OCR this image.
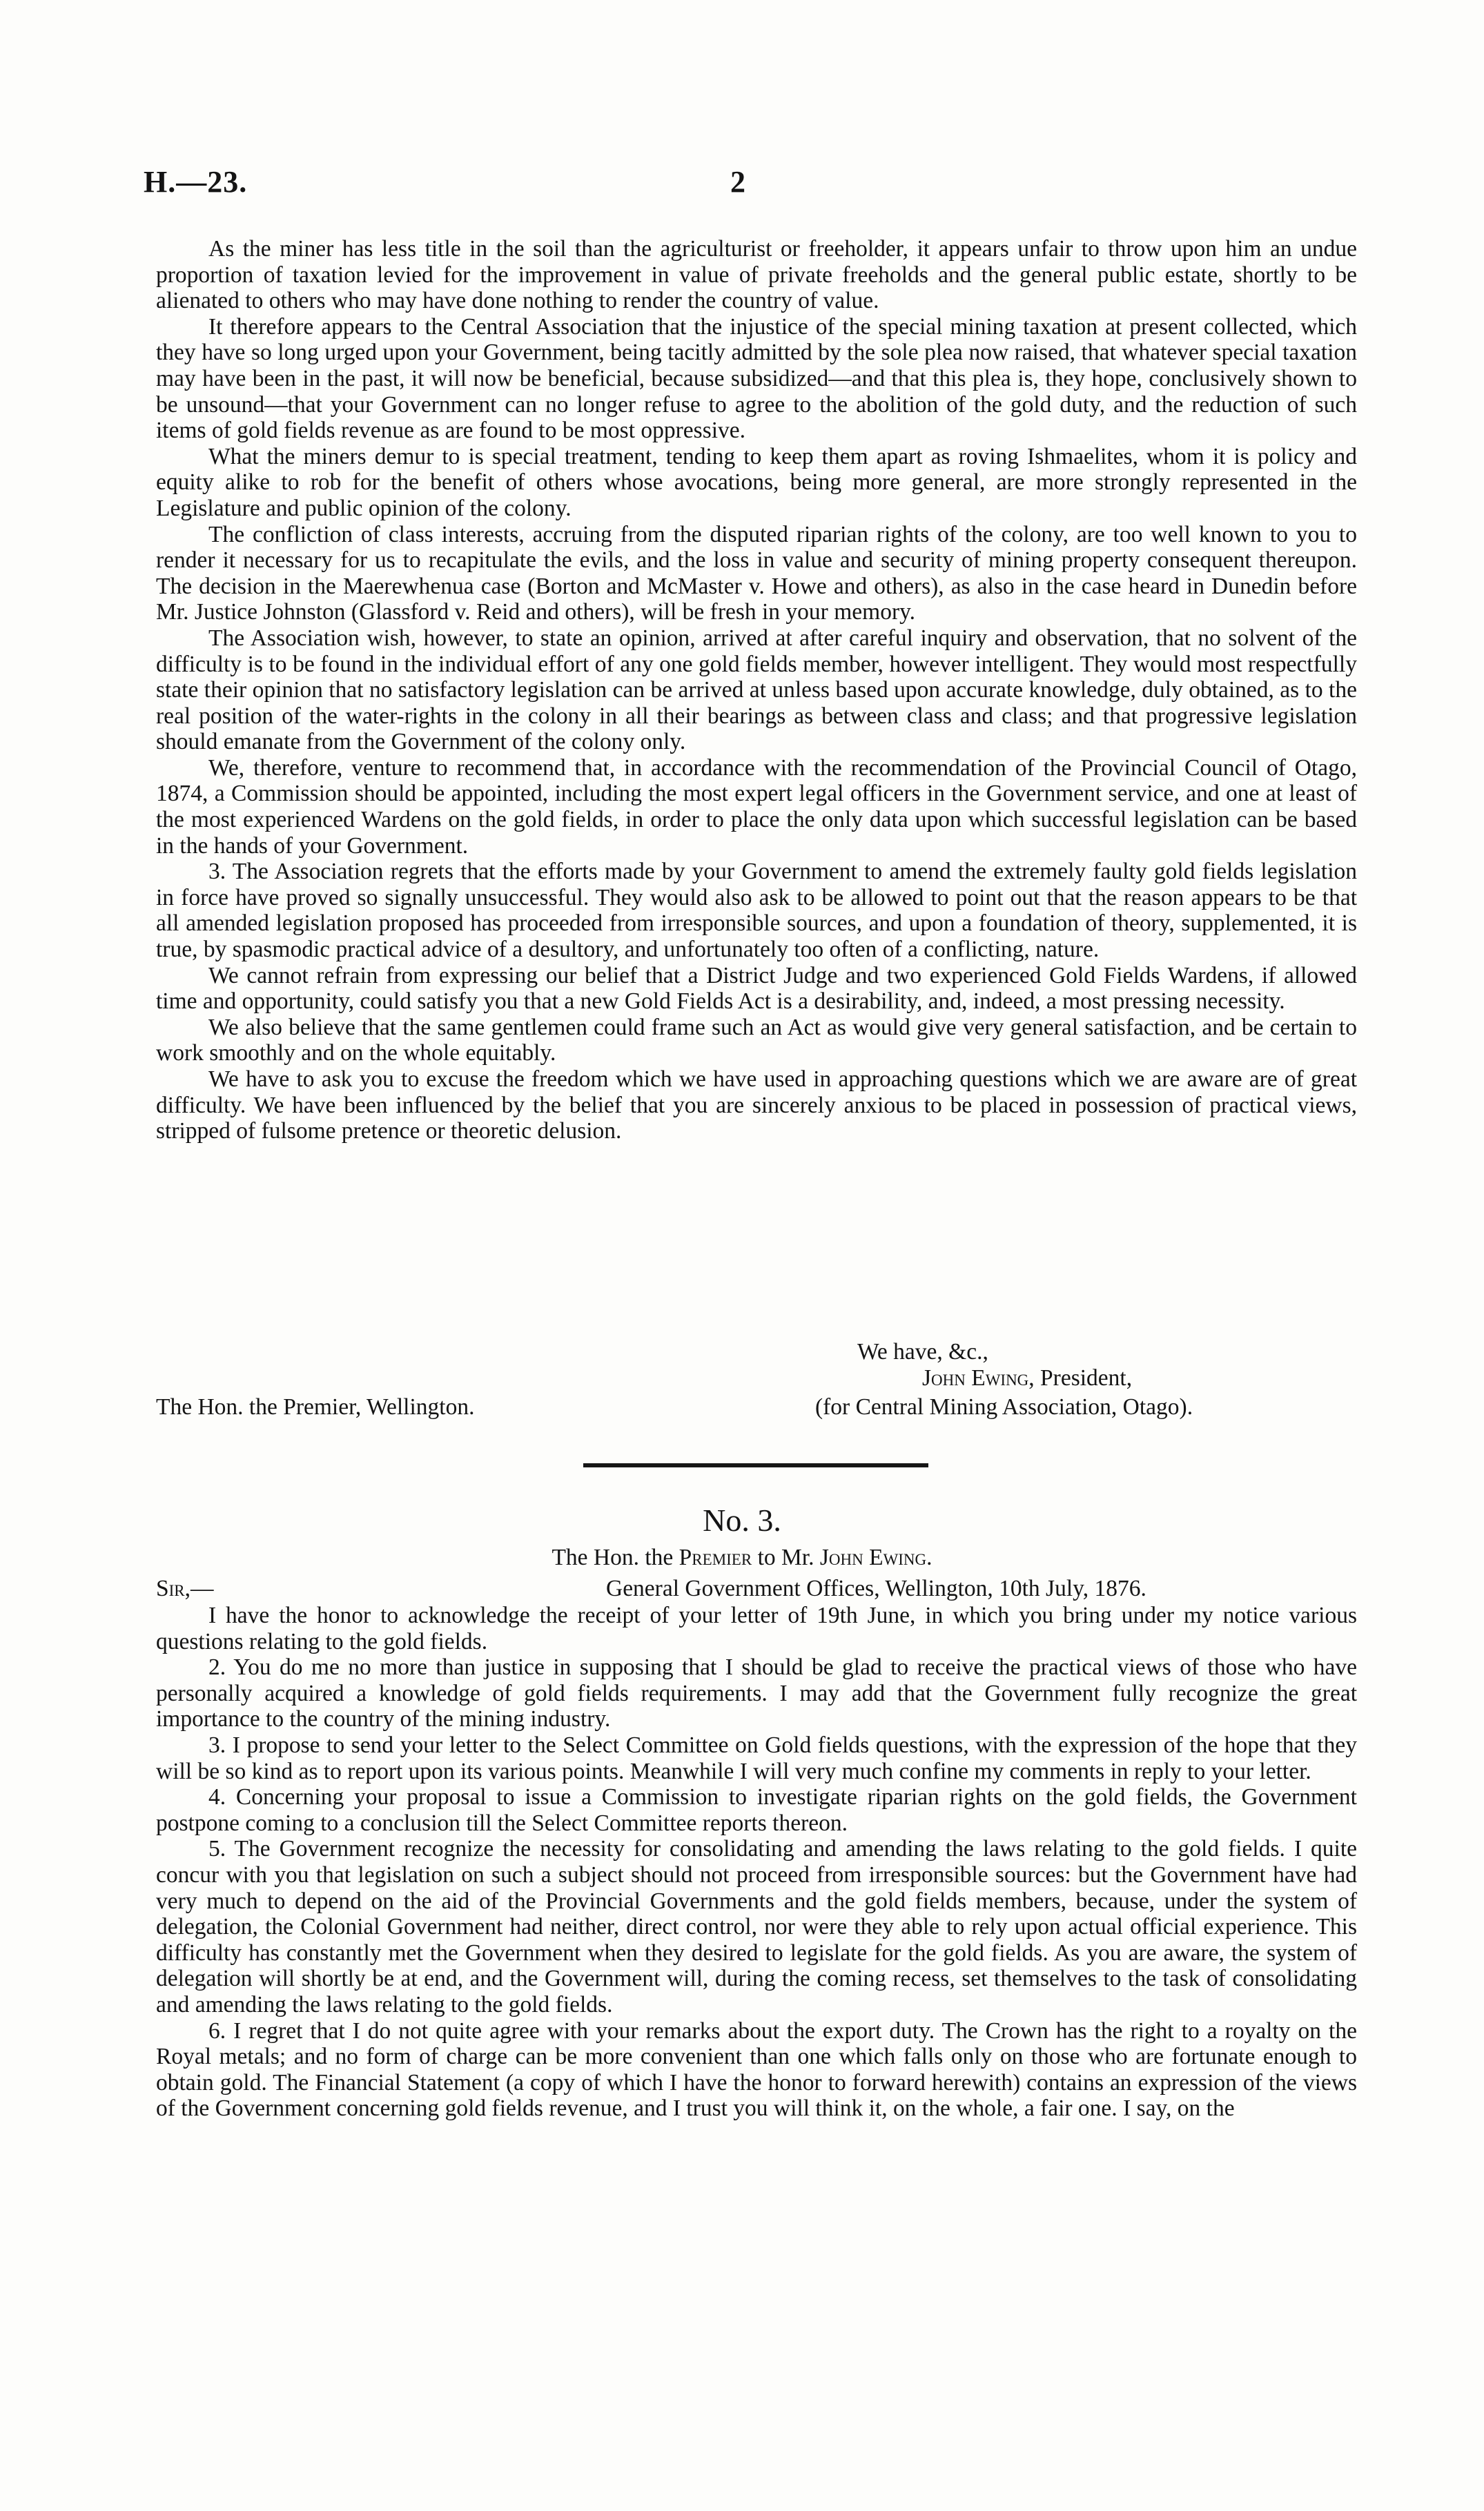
H.—23.	2

As the miner has less title in the soil than the agriculturist or freeholder, it appears unfair to throw upon him an undue proportion of taxation levied for the improvement in value of private freeholds and the general public estate, shortly to be alienated to others who may have done nothing to render the country of value.

It therefore appears to the Central Association that the injustice of the special mining taxation at present collected, which they have so long urged upon your Government, being tacitly admitted by the sole plea now raised, that whatever special taxation may have been in the past, it will now be beneficial, because subsidized—and that this plea is, they hope, conclusively shown to be unsound—that your Government can no longer refuse to agree to the abolition of the gold duty, and the reduction of such items of gold fields revenue as are found to be most oppressive.

What the miners demur to is special treatment, tending to keep them apart as roving Ishmaelites, whom it is policy and equity alike to rob for the benefit of others whose avocations, being more general, are more strongly represented in the Legislature and public opinion of the colony.

The confliction of class interests, accruing from the disputed riparian rights of the colony, are too well known to you to render it necessary for us to recapitulate the evils, and the loss in value and security of mining property consequent thereupon. The decision in the Maerewhenua case (Borton and McMaster v. Howe and others), as also in the case heard in Dunedin before Mr. Justice Johnston (Glassford v. Reid and others), will be fresh in your memory.

The Association wish, however, to state an opinion, arrived at after careful inquiry and observation, that no solvent of the difficulty is to be found in the individual effort of any one gold fields member, however intelligent. They would most respectfully state their opinion that no satisfactory legislation can be arrived at unless based upon accurate knowledge, duly obtained, as to the real position of the water-rights in the colony in all their bearings as between class and class; and that progressive legislation should emanate from the Government of the colony only.

We, therefore, venture to recommend that, in accordance with the recommendation of the Provincial Council of Otago, 1874, a Commission should be appointed, including the most expert legal officers in the Government service, and one at least of the most experienced Wardens on the gold fields, in order to place the only data upon which successful legislation can be based in the hands of your Government.

3. The Association regrets that the efforts made by your Government to amend the extremely faulty gold fields legislation in force have proved so signally unsuccessful. They would also ask to be allowed to point out that the reason appears to be that all amended legislation proposed has proceeded from irresponsible sources, and upon a foundation of theory, supplemented, it is true, by spasmodic practical advice of a desultory, and unfortunately too often of a conflicting, nature.

We cannot refrain from expressing our belief that a District Judge and two experienced Gold Fields Wardens, if allowed time and opportunity, could satisfy you that a new Gold Fields Act is a desirability, and, indeed, a most pressing necessity.

We also believe that the same gentlemen could frame such an Act as would give very general satisfaction, and be certain to work smoothly and on the whole equitably.

We have to ask you to excuse the freedom which we have used in approaching questions which we are aware are of great difficulty. We have been influenced by the belief that you are sincerely anxious to be placed in possession of practical views, stripped of fulsome pretence or theoretic delusion.

We have, &c.,
John Ewing, President,
The Hon. the Premier, Wellington.	(for Central Mining Association, Otago).
No. 3.
The Hon. the Premier to Mr. John Ewing.
Sir,—	General Government Offices, Wellington, 10th July, 1876.

I have the honor to acknowledge the receipt of your letter of 19th June, in which you bring under my notice various questions relating to the gold fields.

2. You do me no more than justice in supposing that I should be glad to receive the practical views of those who have personally acquired a knowledge of gold fields requirements. I may add that the Government fully recognize the great importance to the country of the mining industry.

3. I propose to send your letter to the Select Committee on Gold fields questions, with the expression of the hope that they will be so kind as to report upon its various points. Meanwhile I will very much confine my comments in reply to your letter.

4. Concerning your proposal to issue a Commission to investigate riparian rights on the gold fields, the Government postpone coming to a conclusion till the Select Committee reports thereon.

5. The Government recognize the necessity for consolidating and amending the laws relating to the gold fields. I quite concur with you that legislation on such a subject should not proceed from irresponsible sources: but the Government have had very much to depend on the aid of the Provincial Governments and the gold fields members, because, under the system of delegation, the Colonial Government had neither, direct control, nor were they able to rely upon actual official experience. This difficulty has constantly met the Government when they desired to legislate for the gold fields. As you are aware, the system of delegation will shortly be at end, and the Government will, during the coming recess, set themselves to the task of consolidating and amending the laws relating to the gold fields.

6. I regret that I do not quite agree with your remarks about the export duty. The Crown has the right to a royalty on the Royal metals; and no form of charge can be more convenient than one which falls only on those who are fortunate enough to obtain gold. The Financial Statement (a copy of which I have the honor to forward herewith) contains an expression of the views of the Government concerning gold fields revenue, and I trust you will think it, on the whole, a fair one. I say, on the
